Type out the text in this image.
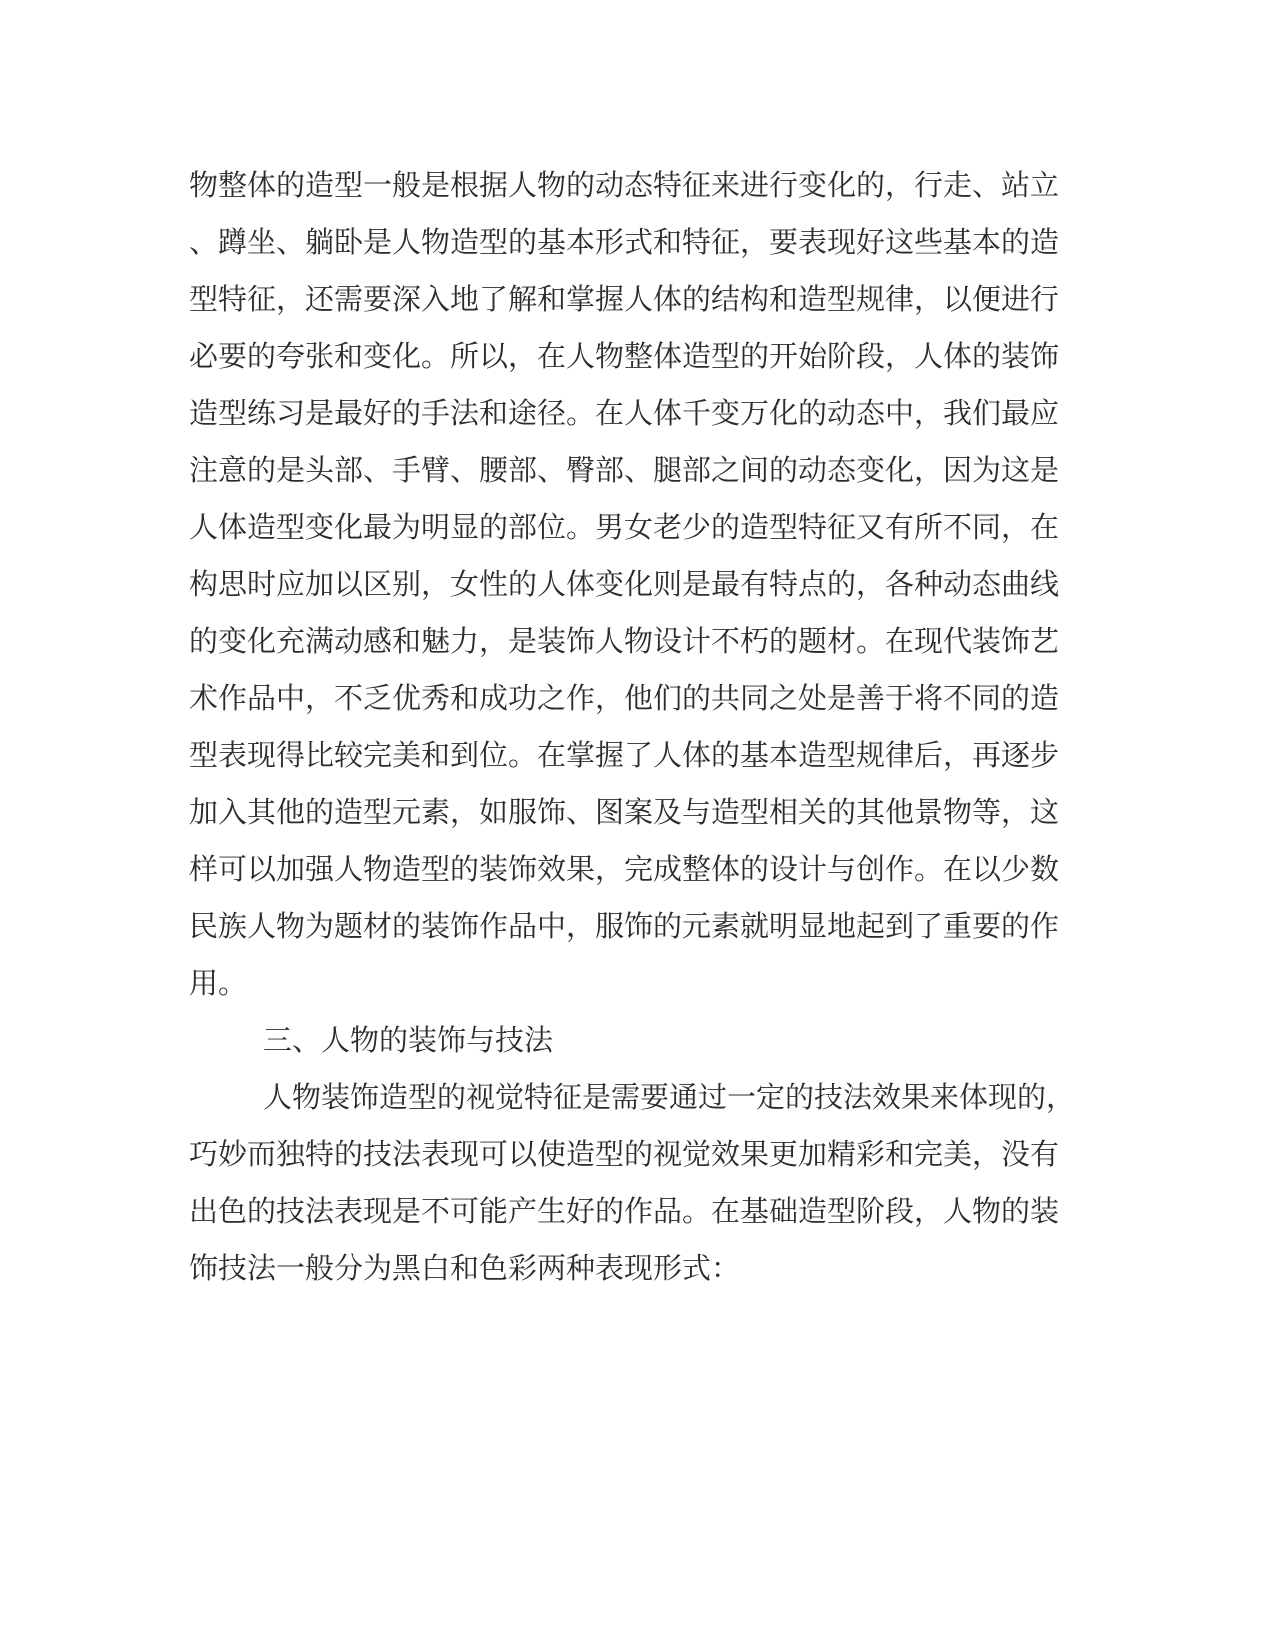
物整体的造型一般是根据人物的动态特征来进行变化的，行走、站立

、蹲坐、躺卧是人物造型的基本形式和特征，要表现好这些基本的造

型特征，还需要深入地了解和掌握人体的结构和造型规律，以便进行

必要的夸张和变化。所以，在人物整体造型的开始阶段，人体的装饰

造型练习是最好的手法和途径。在人体千变万化的动态中，我们最应

注意的是头部、手臂、腰部、臀部、腿部之间的动态变化，因为这是

人体造型变化最为明显的部位。男女老少的造型特征又有所不同，在

构思时应加以区别，女性的人体变化则是最有特点的，各种动态曲线

的变化充满动感和魅力，是装饰人物设计不朽的题材。在现代装饰艺

术作品中，不乏优秀和成功之作，他们的共同之处是善于将不同的造

型表现得比较完美和到位。在掌握了人体的基本造型规律后，再逐步

加入其他的造型元素，如服饰、图案及与造型相关的其他景物等，这

样可以加强人物造型的装饰效果，完成整体的设计与创作。在以少数

民族人物为题材的装饰作品中，服饰的元素就明显地起到了重要的作

用。

三、人物的装饰与技法

人物装饰造型的视觉特征是需要通过一定的技法效果来体现的，

巧妙而独特的技法表现可以使造型的视觉效果更加精彩和完美，没有

出色的技法表现是不可能产生好的作品。在基础造型阶段，人物的装

饰技法一般分为黑白和色彩两种表现形式：
